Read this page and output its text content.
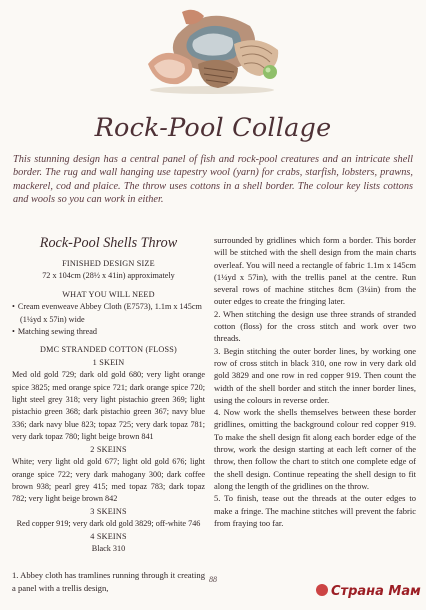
Rock-Pool Collage

This stunning design has a central panel of fish and rock-pool creatures and an intricate shell border. The rug and wall hanging use tapestry wool (yarn) for crabs, starfish, lobsters, prawns, mackerel, cod and plaice. The throw uses cottons in a shell border. The colour key lists cottons and wools so you can work in either.

Rock-Pool Shells Throw
FINISHED DESIGN SIZE
72 x 104cm (28½ x 41in) approximately
WHAT YOU WILL NEED
• Cream evenweave Abbey Cloth (E7573), 1.1m x 145cm (1¼yd x 57in) wide
• Matching sewing thread
DMC STRANDED COTTON (FLOSS)
1 SKEIN
Med old gold 729; dark old gold 680; very light orange spice 3825; med orange spice 721; dark orange spice 720; light steel grey 318; very light pistachio green 369; light pistachio green 368; dark pistachio green 367; navy blue 336; dark navy blue 823; topaz 725; very dark topaz 781; very dark topaz 780; light beige brown 841
2 SKEINS
White; very light old gold 677; light old gold 676; light orange spice 722; very dark mahogany 300; dark coffee brown 938; pearl grey 415; med topaz 783; dark topaz 782; very light beige brown 842
3 SKEINS
Red copper 919; very dark old gold 3829; off-white 746
4 SKEINS
Black 310
1. Abbey cloth has tramlines running through it creating a panel with a trellis design,

surrounded by gridlines which form a border. This border will be stitched with the shell design from the main charts overleaf. You will need a rectangle of fabric 1.1m x 145cm (1¼yd x 57in), with the trellis panel at the centre. Run several rows of machine stitches 8cm (3¼in) from the outer edges to create the fringing later.

2. When stitching the design use three strands of stranded cotton (floss) for the cross stitch and work over two threads.

3. Begin stitching the outer border lines, by working one row of cross stitch in black 310, one row in very dark old gold 3829 and one row in red copper 919. Then count the width of the shell border and stitch the inner border lines, using the colours in reverse order.

4. Now work the shells themselves between these border gridlines, omitting the background colour red copper 919. To make the shell design fit along each border edge of the throw, work the design starting at each left corner of the throw, then follow the chart to stitch one complete edge of the shell design. Continue repeating the shell design to fit along the length of the gridlines on the throw.

5. To finish, tease out the threads at the outer edges to make a fringe. The machine stitches will prevent the fabric from fraying too far.

88
Страна Мам
